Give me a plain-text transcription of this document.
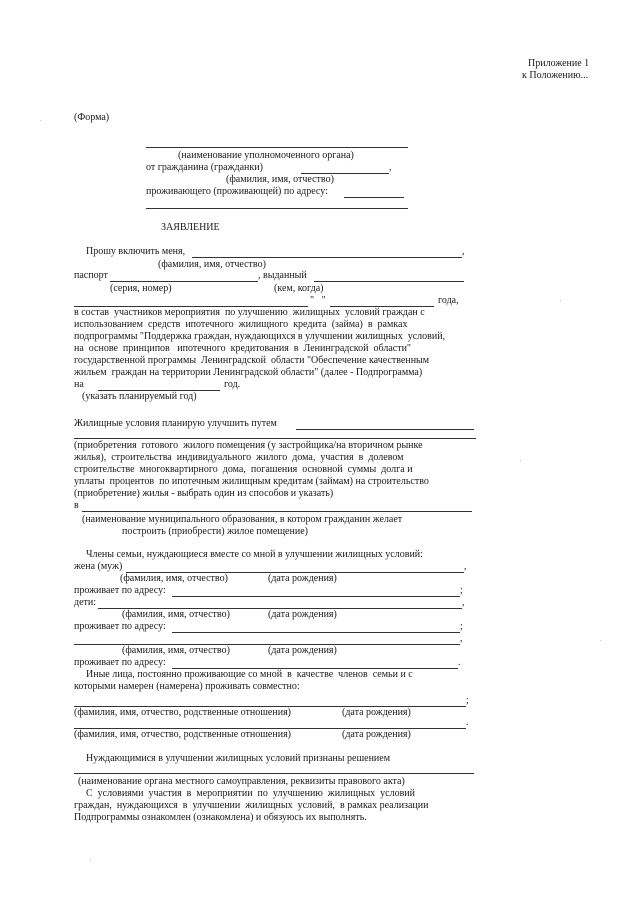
Приложение 1
к Положению...
(Форма)
(наименование уполномоченного органа)
от гражданина (гражданки)	,
(фамилия, имя, отчество)
проживающего (проживающей) по адресу:
ЗАЯВЛЕНИЕ
Прошу включить меня,	,
(фамилия, имя, отчество)
паспорт	, выданный
(серия, номер)	(кем, когда)
"   "	года,
в состав  участников мероприятия  по улучшению  жилищных  условий граждан с
использованием  средств  ипотечного  жилищного  кредита  (займа)  в  рамках
подпрограммы "Поддержка граждан, нуждающихся в улучшении жилищных  условий,
на  основе  принципов   ипотечного  кредитования  в  Ленинградской  области"
государственной программы  Ленинградской  области "Обеспечение качественным
жильем  граждан на территории Ленинградской области" (далее - Подпрограмма)
на	год.
(указать планируемый год)
Жилищные условия планирую улучшить путем
(приобретения  готового  жилого помещения (у застройщика/на вторичном рынке
жилья),  строительства  индивидуального  жилого  дома,  участия  в  долевом
строительстве  многоквартирного  дома,  погашения  основной  суммы  долга и
уплаты  процентов  по ипотечным жилищным кредитам (займам) на строительство
(приобретение) жилья - выбрать один из способов и указать)
в
(наименование муниципального образования, в котором гражданин желает
построить (приобрести) жилое помещение)
Члены семьи, нуждающиеся вместе со мной в улучшении жилищных условий:
жена (муж)	,
(фамилия, имя, отчество)	(дата рождения)
проживает по адресу:	;
дети:	,
(фамилия, имя, отчество)	(дата рождения)
проживает по адресу:	;
,
(фамилия, имя, отчество)	(дата рождения)
проживает по адресу:	.
Иные лица, постоянно проживающие со мной  в  качестве  членов  семьи и с
которыми намерен (намерена) проживать совместно:
;
(фамилия, имя, отчество, родственные отношения)	(дата рождения)
.
(фамилия, имя, отчество, родственные отношения)	(дата рождения)
Нуждающимися в улучшении жилищных условий признаны решением
(наименование органа местного самоуправления, реквизиты правового акта)
С  условиями  участия  в  мероприятии  по  улучшению  жилищных  условий
граждан,  нуждающихся  в  улучшении  жилищных  условий,  в рамках реализации
Подпрограммы ознакомлен (ознакомлена) и обязуюсь их выполнять.
